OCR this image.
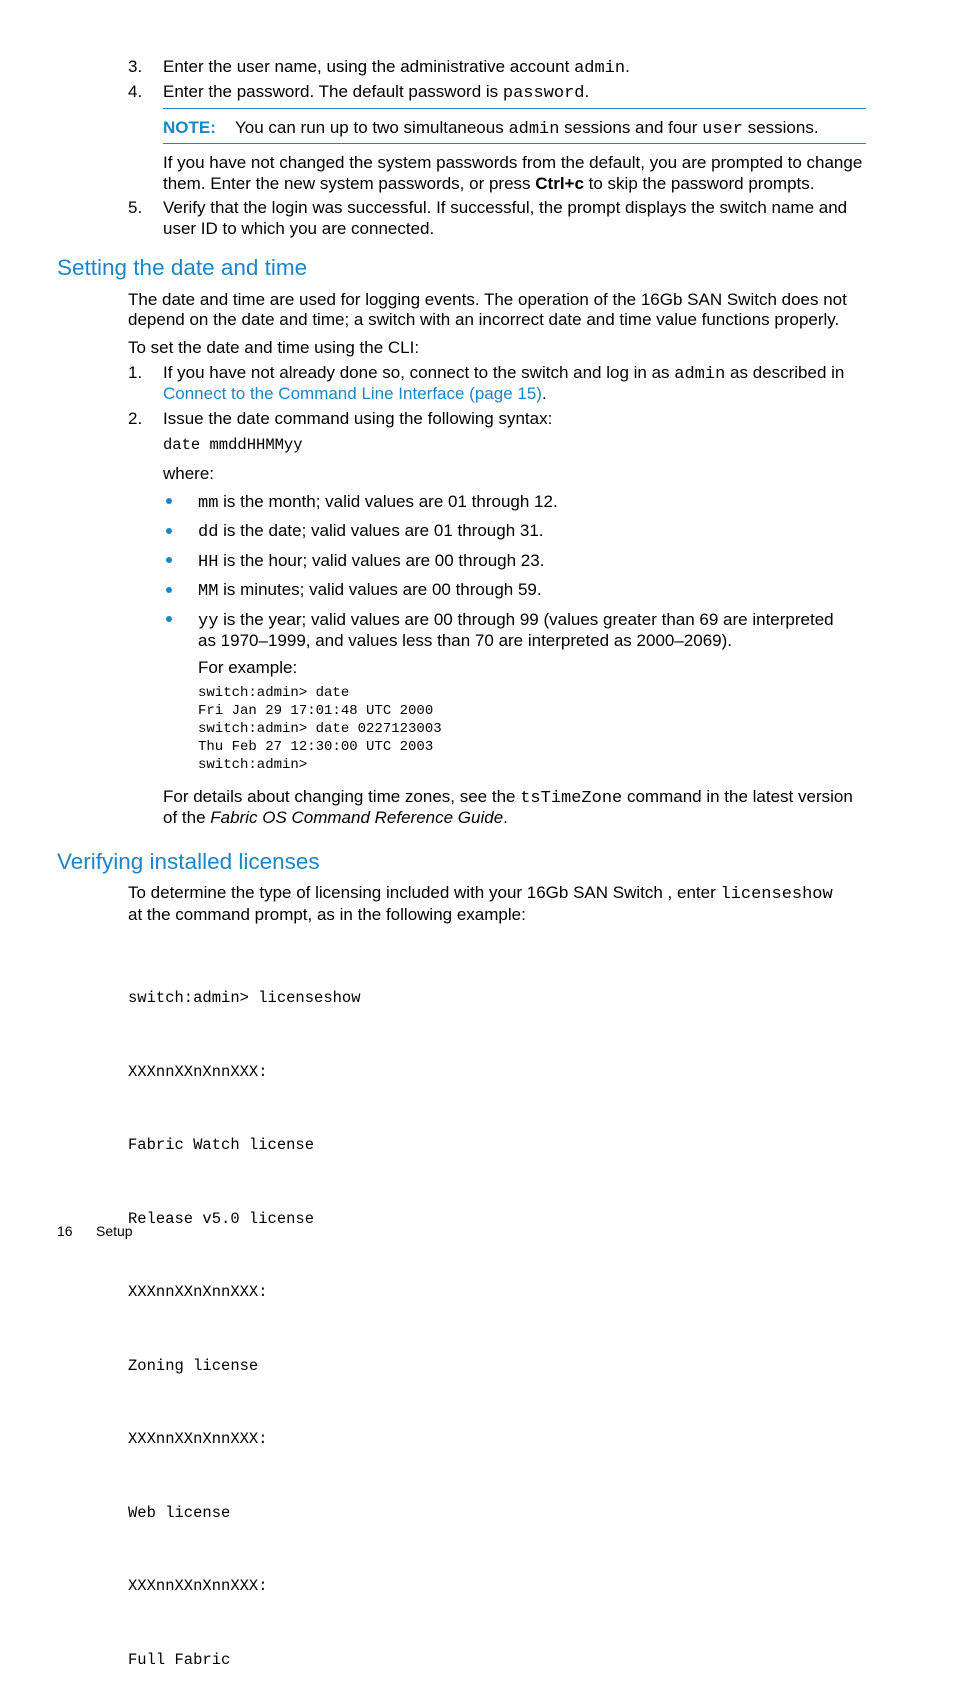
3. Enter the user name, using the administrative account admin.
4. Enter the password. The default password is password.
NOTE: You can run up to two simultaneous admin sessions and four user sessions.
If you have not changed the system passwords from the default, you are prompted to change
them. Enter the new system passwords, or press Ctrl+c to skip the password prompts.
5. Verify that the login was successful. If successful, the prompt displays the switch name and
user ID to which you are connected.
Setting the date and time
The date and time are used for logging events. The operation of the 16Gb SAN Switch does not
depend on the date and time; a switch with an incorrect date and time value functions properly.
To set the date and time using the CLI:
1. If you have not already done so, connect to the switch and log in as admin as described in
Connect to the Command Line Interface (page 15).
2. Issue the date command using the following syntax:
date mmddHHMMyy
where:
mm is the month; valid values are 01 through 12.
dd is the date; valid values are 01 through 31.
HH is the hour; valid values are 00 through 23.
MM is minutes; valid values are 00 through 59.
yy is the year; valid values are 00 through 99 (values greater than 69 are interpreted
as 1970–1999, and values less than 70 are interpreted as 2000–2069).
For example:
switch:admin> date
Fri Jan 29 17:01:48 UTC 2000
switch:admin> date 0227123003
Thu Feb 27 12:30:00 UTC 2003
switch:admin>
For details about changing time zones, see the tsTimeZone command in the latest version
of the Fabric OS Command Reference Guide.
Verifying installed licenses
To determine the type of licensing included with your 16Gb SAN Switch , enter licenseshow
at the command prompt, as in the following example:

switch:admin> licenseshow

XXXnnXXnXnnXXX:

Fabric Watch license

Release v5.0 license

XXXnnXXnXnnXXX:

Zoning license

XXXnnXXnXnnXXX:

Web license

XXXnnXXnXnnXXX:

Full Fabric

16 Setup
